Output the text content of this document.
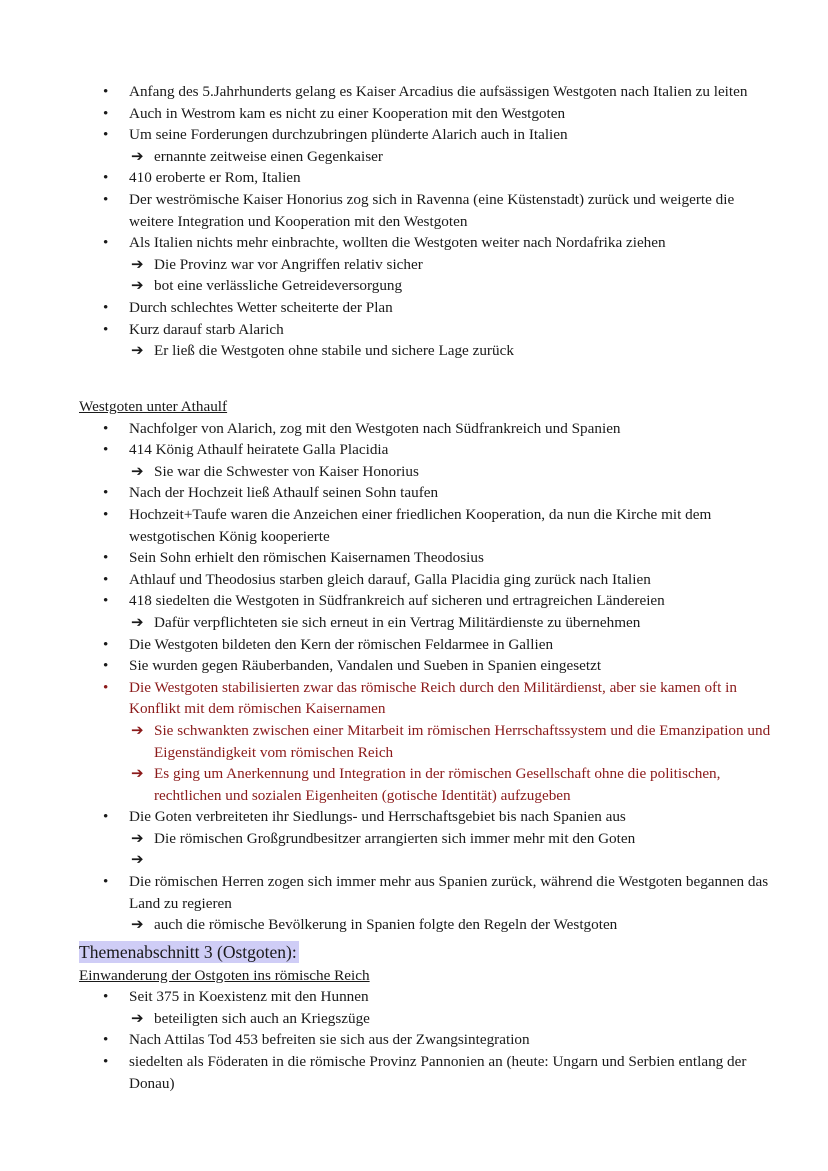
• Anfang des 5.Jahrhunderts gelang es Kaiser Arcadius die aufsässigen Westgoten nach Italien zu leiten
• Auch in Westrom kam es nicht zu einer Kooperation mit den Westgoten
• Um seine Forderungen durchzubringen plünderte Alarich auch in Italien
➔ ernannte zeitweise einen Gegenkaiser
• 410 eroberte er Rom, Italien
• Der weströmische Kaiser Honorius zog sich in Ravenna (eine Küstenstadt) zurück und weigerte die weitere Integration und Kooperation mit den Westgoten
• Als Italien nichts mehr einbrachte, wollten die Westgoten weiter nach Nordafrika ziehen
➔ Die Provinz war vor Angriffen relativ sicher
➔ bot eine verlässliche Getreideversorgung
• Durch schlechtes Wetter scheiterte der Plan
• Kurz darauf starb Alarich
➔ Er ließ die Westgoten ohne stabile und sichere Lage zurück
Westgoten unter Athaulf
• Nachfolger von Alarich, zog mit den Westgoten nach Südfrankreich und Spanien
• 414 König Athaulf heiratete Galla Placidia
➔ Sie war die Schwester von Kaiser Honorius
• Nach der Hochzeit ließ Athaulf seinen Sohn taufen
• Hochzeit+Taufe waren die Anzeichen einer friedlichen Kooperation, da nun die Kirche mit dem westgotischen König kooperierte
• Sein Sohn erhielt den römischen Kaisernamen Theodosius
• Athlauf und Theodosius starben gleich darauf, Galla Placidia ging zurück nach Italien
• 418 siedelten die Westgoten in Südfrankreich auf sicheren und ertragreichen Ländereien
➔ Dafür verpflichteten sie sich erneut in ein Vertrag Militärdienste zu übernehmen
• Die Westgoten bildeten den Kern der römischen Feldarmee in Gallien
• Sie wurden gegen Räuberbanden, Vandalen und Sueben in Spanien eingesetzt
• Die Westgoten stabilisierten zwar das römische Reich durch den Militärdienst, aber sie kamen oft in Konflikt mit dem römischen Kaisernamen
➔ Sie schwankten zwischen einer Mitarbeit im römischen Herrschaftssystem und die Emanzipation und Eigenständigkeit vom römischen Reich
➔ Es ging um Anerkennung und Integration in der römischen Gesellschaft ohne die politischen, rechtlichen und sozialen Eigenheiten (gotische Identität) aufzugeben
• Die Goten verbreiteten ihr Siedlungs- und Herrschaftsgebiet bis nach Spanien aus
➔ Die römischen Großgrundbesitzer arrangierten sich immer mehr mit den Goten
➔

• Die römischen Herren zogen sich immer mehr aus Spanien zurück, während die Westgoten begannen das Land zu regieren
➔ auch die römische Bevölkerung in Spanien folgte den Regeln der Westgoten
Themenabschnitt 3 (Ostgoten):
Einwanderung der Ostgoten ins römische Reich
• Seit 375 in Koexistenz mit den Hunnen
➔ beteiligten sich auch an Kriegszüge
• Nach Attilas Tod 453 befreiten sie sich aus der Zwangsintegration
• siedelten als Föderaten in die römische Provinz Pannonien an (heute: Ungarn und Serbien entlang der Donau)
